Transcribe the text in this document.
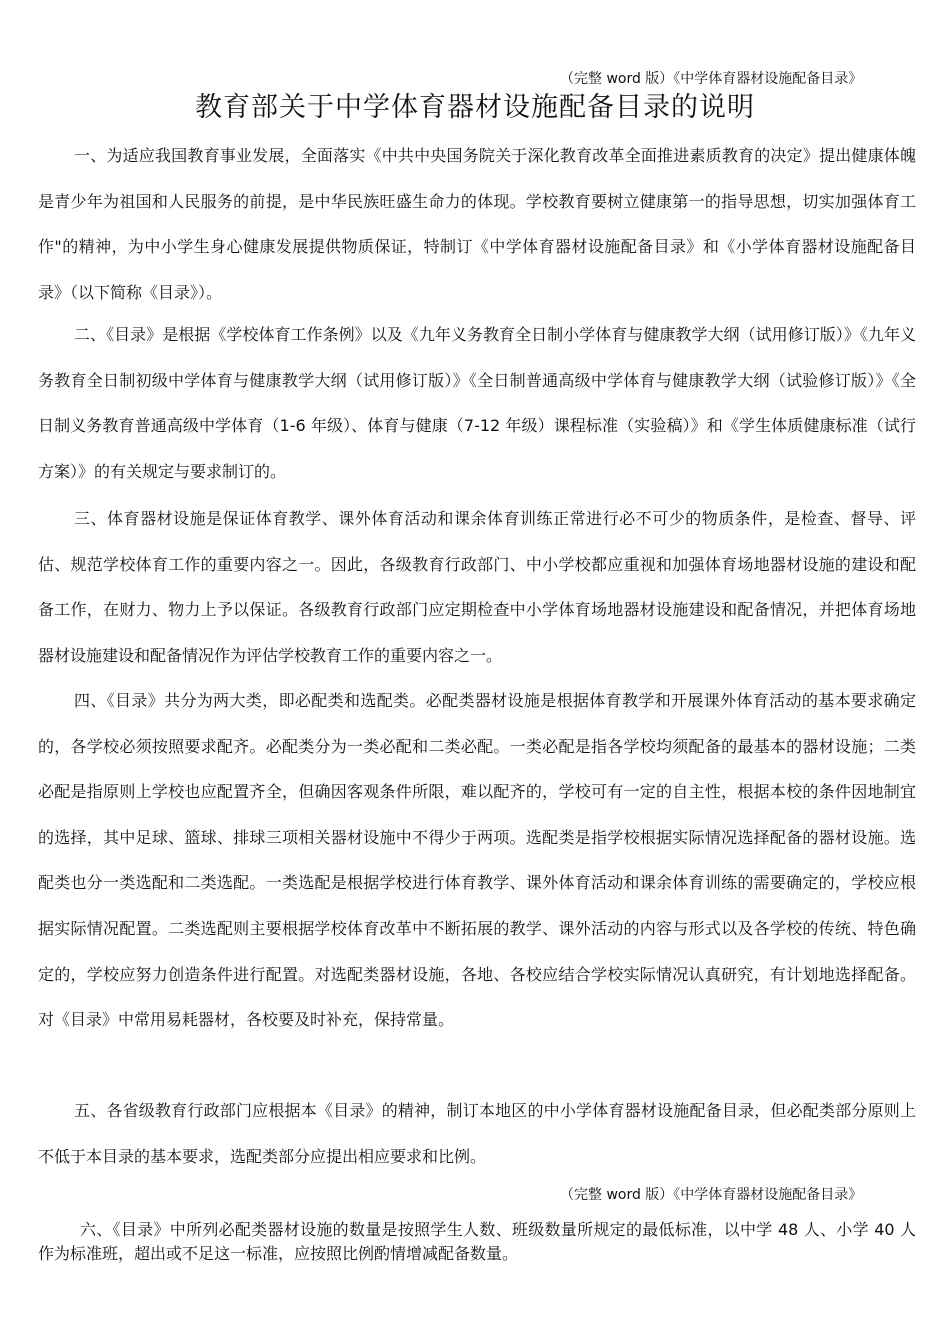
（完整 word 版）《中学体育器材设施配备目录》
教育部关于中学体育器材设施配备目录的说明

一、为适应我国教育事业发展，全面落实《中共中央国务院关于深化教育改革全面推进素质教育的决定》提出健康体魄是青少年为祖国和人民服务的前提，是中华民族旺盛生命力的体现。学校教育要树立健康第一的指导思想，切实加强体育工作"的精神，为中小学生身心健康发展提供物质保证，特制订《中学体育器材设施配备目录》和《小学体育器材设施配备目录》（以下简称《目录》）。

二、《目录》是根据《学校体育工作条例》以及《九年义务教育全日制小学体育与健康教学大纲（试用修订版）》《九年义务教育全日制初级中学体育与健康教学大纲（试用修订版）》《全日制普通高级中学体育与健康教学大纲（试验修订版）》《全日制义务教育普通高级中学体育（1-6 年级）、体育与健康（7-12 年级）课程标准（实验稿）》和《学生体质健康标准（试行方案）》的有关规定与要求制订的。

三、体育器材设施是保证体育教学、课外体育活动和课余体育训练正常进行必不可少的物质条件，是检查、督导、评估、规范学校体育工作的重要内容之一。因此，各级教育行政部门、中小学校都应重视和加强体育场地器材设施的建设和配备工作，在财力、物力上予以保证。各级教育行政部门应定期检查中小学体育场地器材设施建设和配备情况，并把体育场地器材设施建设和配备情况作为评估学校教育工作的重要内容之一。

四、《目录》共分为两大类，即必配类和选配类。必配类器材设施是根据体育教学和开展课外体育活动的基本要求确定的，各学校必须按照要求配齐。必配类分为一类必配和二类必配。一类必配是指各学校均须配备的最基本的器材设施；二类必配是指原则上学校也应配置齐全，但确因客观条件所限，难以配齐的，学校可有一定的自主性，根据本校的条件因地制宜的选择，其中足球、篮球、排球三项相关器材设施中不得少于两项。选配类是指学校根据实际情况选择配备的器材设施。选配类也分一类选配和二类选配。一类选配是根据学校进行体育教学、课外体育活动和课余体育训练的需要确定的，学校应根据实际情况配置。二类选配则主要根据学校体育改革中不断拓展的教学、课外活动的内容与形式以及各学校的传统、特色确定的，学校应努力创造条件进行配置。对选配类器材设施，各地、各校应结合学校实际情况认真研究，有计划地选择配备。对《目录》中常用易耗器材，各校要及时补充，保持常量。

五、各省级教育行政部门应根据本《目录》的精神，制订本地区的中小学体育器材设施配备目录，但必配类部分原则上不低于本目录的基本要求，选配类部分应提出相应要求和比例。

（完整 word 版）《中学体育器材设施配备目录》

六、《目录》中所列必配类器材设施的数量是按照学生人数、班级数量所规定的最低标准，以中学 48 人、小学 40 人作为标准班，超出或不足这一标准，应按照比例酌情增减配备数量。
